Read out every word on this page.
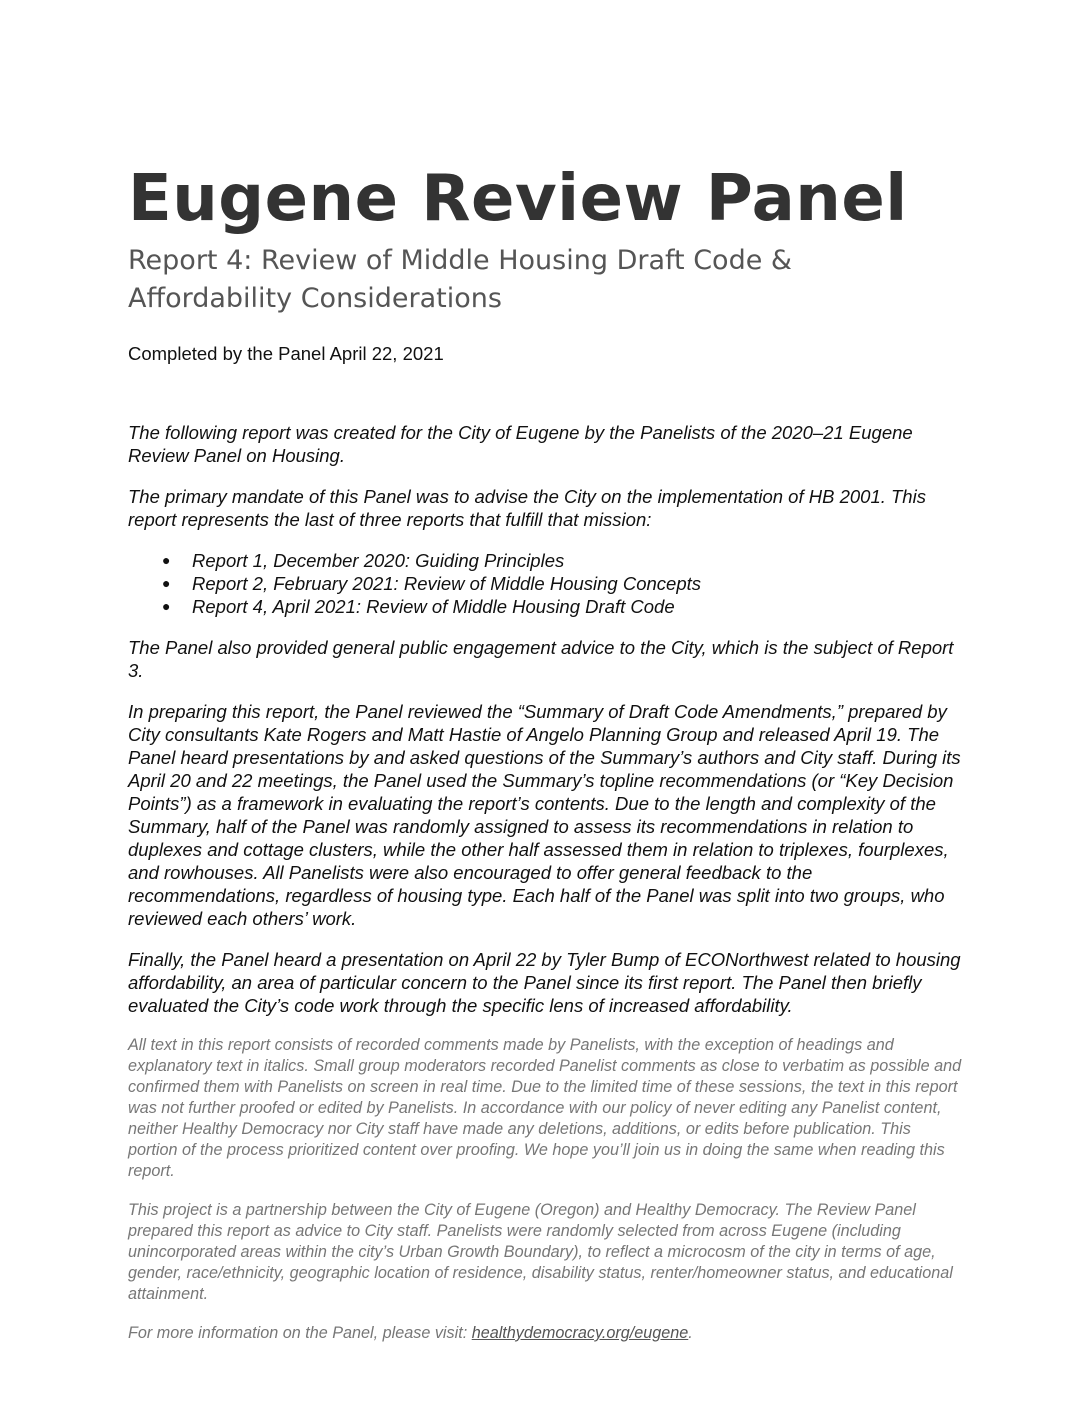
Eugene Review Panel
Report 4: Review of Middle Housing Draft Code & Affordability Considerations
Completed by the Panel April 22, 2021

The following report was created for the City of Eugene by the Panelists of the 2020–21 Eugene Review Panel on Housing.

The primary mandate of this Panel was to advise the City on the implementation of HB 2001. This report represents the last of three reports that fulfill that mission:

● Report 1, December 2020: Guiding Principles
● Report 2, February 2021: Review of Middle Housing Concepts
● Report 4, April 2021: Review of Middle Housing Draft Code

The Panel also provided general public engagement advice to the City, which is the subject of Report 3.

In preparing this report, the Panel reviewed the “Summary of Draft Code Amendments,” prepared by City consultants Kate Rogers and Matt Hastie of Angelo Planning Group and released April 19. The Panel heard presentations by and asked questions of the Summary’s authors and City staff. During its April 20 and 22 meetings, the Panel used the Summary’s topline recommendations (or “Key Decision Points”) as a framework in evaluating the report’s contents. Due to the length and complexity of the Summary, half of the Panel was randomly assigned to assess its recommendations in relation to duplexes and cottage clusters, while the other half assessed them in relation to triplexes, fourplexes, and rowhouses. All Panelists were also encouraged to offer general feedback to the recommendations, regardless of housing type. Each half of the Panel was split into two groups, who reviewed each others’ work.

Finally, the Panel heard a presentation on April 22 by Tyler Bump of ECONorthwest related to housing affordability, an area of particular concern to the Panel since its first report. The Panel then briefly evaluated the City’s code work through the specific lens of increased affordability.

All text in this report consists of recorded comments made by Panelists, with the exception of headings and explanatory text in italics. Small group moderators recorded Panelist comments as close to verbatim as possible and confirmed them with Panelists on screen in real time. Due to the limited time of these sessions, the text in this report was not further proofed or edited by Panelists. In accordance with our policy of never editing any Panelist content, neither Healthy Democracy nor City staff have made any deletions, additions, or edits before publication. This portion of the process prioritized content over proofing. We hope you’ll join us in doing the same when reading this report.

This project is a partnership between the City of Eugene (Oregon) and Healthy Democracy. The Review Panel prepared this report as advice to City staff. Panelists were randomly selected from across Eugene (including unincorporated areas within the city’s Urban Growth Boundary), to reflect a microcosm of the city in terms of age, gender, race/ethnicity, geographic location of residence, disability status, renter/homeowner status, and educational attainment.

For more information on the Panel, please visit: healthydemocracy.org/eugene.
